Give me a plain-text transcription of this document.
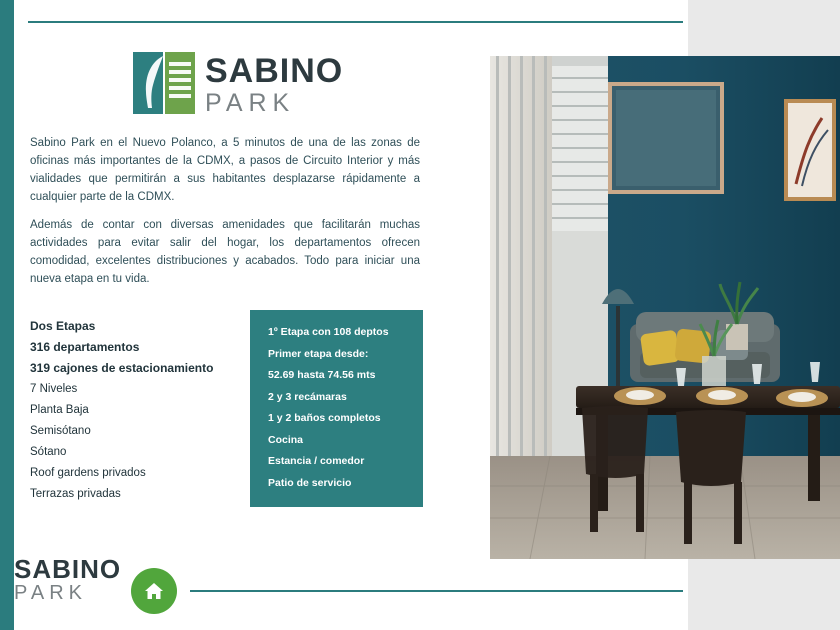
SABINO
PARK
Sabino Park en el Nuevo Polanco, a 5 minutos de una de las zonas de oficinas más importantes de la CDMX, a pasos de Circuito Interior y más vialidades que permitirán a sus habitantes desplazarse rápidamente a cualquier parte de la CDMX.
Además de contar con diversas amenidades que facilitarán muchas actividades para evitar salir del hogar, los departamentos ofrecen comodidad, excelentes distribuciones y acabados. Todo para iniciar una nueva etapa en tu vida.
Dos Etapas
316 departamentos
319 cajones de estacionamiento
7 Niveles
Planta Baja
Semisótano
Sótano
Roof gardens privados
Terrazas privadas
1º Etapa con 108 deptos
Primer etapa desde:
52.69 hasta 74.56 mts
2 y 3 recámaras
1 y 2 baños completos
Cocina
Estancia / comedor
Patio de servicio
SABINO
PARK
